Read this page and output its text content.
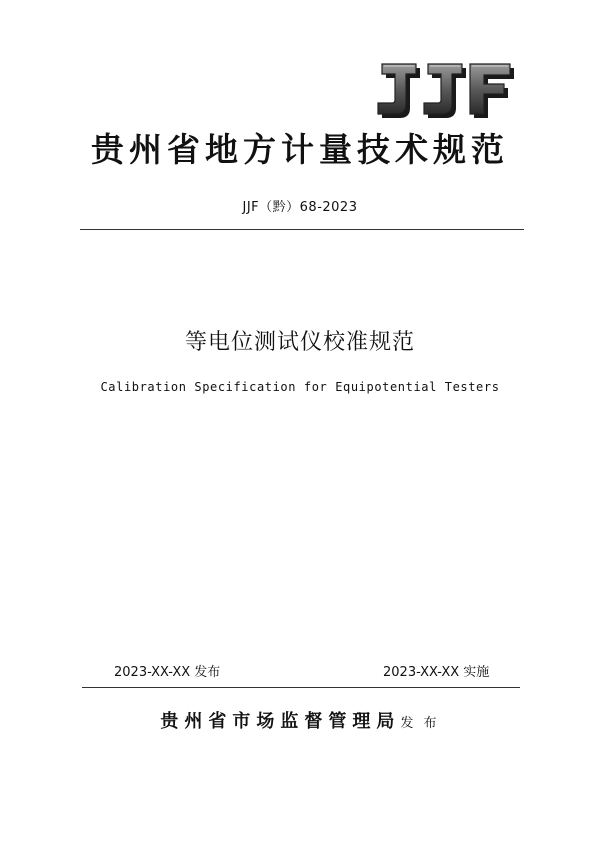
贵州省地方计量技术规范
JJF（黔）68-2023
等电位测试仪校准规范
Calibration Specification for Equipotential Testers
2023-XX-XX 发布	2023-XX-XX 实施
贵州省市场监督管理局发 布
